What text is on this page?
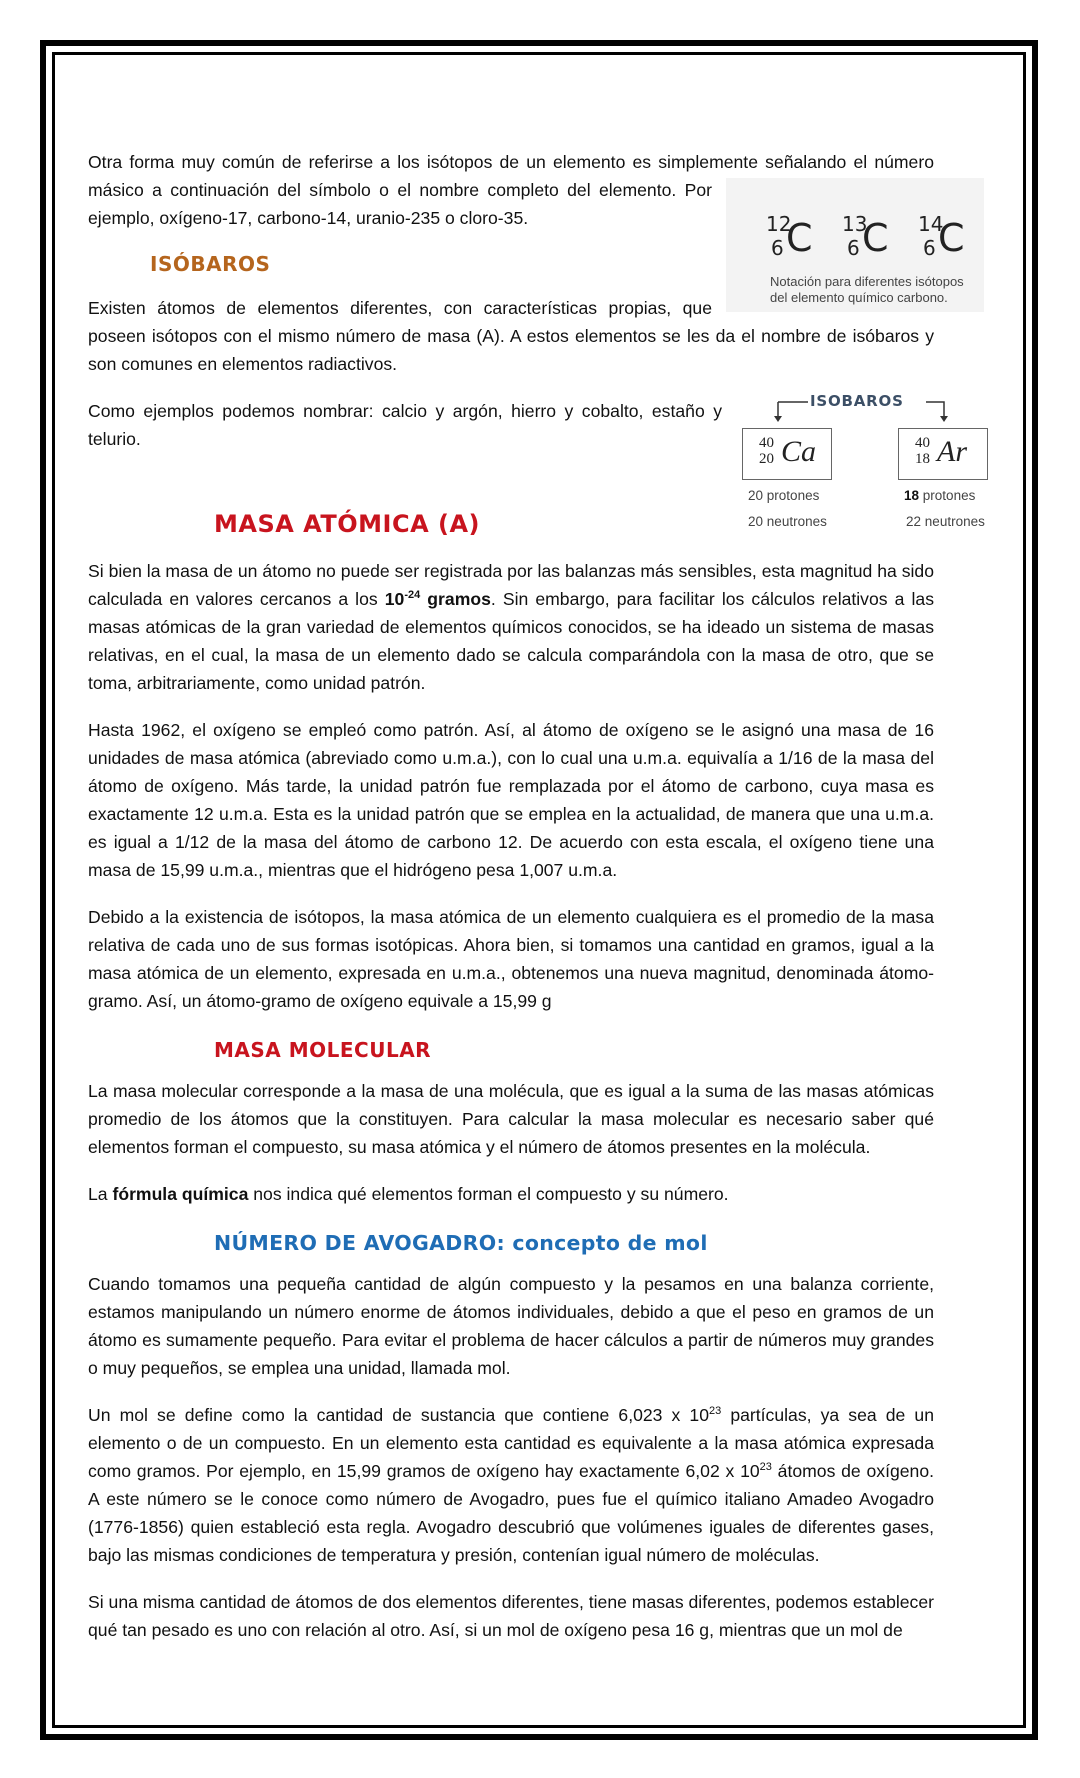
Otra forma muy común de referirse a los isótopos de un elemento es simplemente señalando el número

másico a continuación del símbolo o el nombre completo del elemento. Por

ejemplo, oxígeno-17, carbono-14, uranio-235 o cloro-35.	12
6 C 13
6 C 14
6 C
Notación para diferentes isótopos
del elemento químico carbono.
ISÓBAROS

Existen átomos de elementos diferentes, con características propias, que

poseen isótopos con el mismo número de masa (A). A estos elementos se les da el nombre de isóbaros y

son comunes en elementos radiactivos.

Como ejemplos podemos nombrar: calcio y argón, hierro y cobalto, estaño y

telurio.

ISOBAROS
40
20 Ca	40
18 Ar
20 protones
20 neutrones
18 protones
22 neutrones
MASA ATÓMICA (A)

Si bien la masa de un átomo no puede ser registrada por las balanzas más sensibles, esta magnitud ha sido calculada en valores cercanos a los $10^{-24}$ gramos. Sin embargo, para facilitar los cálculos relativos a las masas atómicas de la gran variedad de elementos químicos conocidos, se ha ideado un sistema de masas relativas, en el cual, la masa de un elemento dado se calcula comparándola con la masa de otro, que se toma, arbitrariamente, como unidad patrón.

Hasta 1962, el oxígeno se empleó como patrón. Así, al átomo de oxígeno se le asignó una masa de 16 unidades de masa atómica (abreviado como u.m.a.), con lo cual una u.m.a. equivalía a 1/16 de la masa del átomo de oxígeno. Más tarde, la unidad patrón fue remplazada por el átomo de carbono, cuya masa es exactamente 12 u.m.a. Esta es la unidad patrón que se emplea en la actualidad, de manera que una u.m.a. es igual a 1/12 de la masa del átomo de carbono 12. De acuerdo con esta escala, el oxígeno tiene una masa de 15,99 u.m.a., mientras que el hidrógeno pesa 1,007 u.m.a.

Debido a la existencia de isótopos, la masa atómica de un elemento cualquiera es el promedio de la masa relativa de cada uno de sus formas isotópicas. Ahora bien, si tomamos una cantidad en gramos, igual a la masa atómica de un elemento, expresada en u.m.a., obtenemos una nueva magnitud, denominada átomo-gramo. Así, un átomo-gramo de oxígeno equivale a 15,99 g

MASA MOLECULAR

La masa molecular corresponde a la masa de una molécula, que es igual a la suma de las masas atómicas promedio de los átomos que la constituyen. Para calcular la masa molecular es necesario saber qué elementos forman el compuesto, su masa atómica y el número de átomos presentes en la molécula.

La fórmula química nos indica qué elementos forman el compuesto y su número.

NÚMERO DE AVOGADRO: concepto de mol

Cuando tomamos una pequeña cantidad de algún compuesto y la pesamos en una balanza corriente, estamos manipulando un número enorme de átomos individuales, debido a que el peso en gramos de un átomo es sumamente pequeño. Para evitar el problema de hacer cálculos a partir de números muy grandes o muy pequeños, se emplea una unidad, llamada mol.

Un mol se define como la cantidad de sustancia que contiene 6,023 x $10^{23}$ partículas, ya sea de un elemento o de un compuesto. En un elemento esta cantidad es equivalente a la masa atómica expresada como gramos. Por ejemplo, en 15,99 gramos de oxígeno hay exactamente 6,02 x $10^{23}$ átomos de oxígeno. A este número se le conoce como número de Avogadro, pues fue el químico italiano Amadeo Avogadro (1776-1856) quien estableció esta regla. Avogadro descubrió que volúmenes iguales de diferentes gases, bajo las mismas condiciones de temperatura y presión, contenían igual número de moléculas.

Si una misma cantidad de átomos de dos elementos diferentes, tiene masas diferentes, podemos establecer qué tan pesado es uno con relación al otro. Así, si un mol de oxígeno pesa 16 g, mientras que un mol de
